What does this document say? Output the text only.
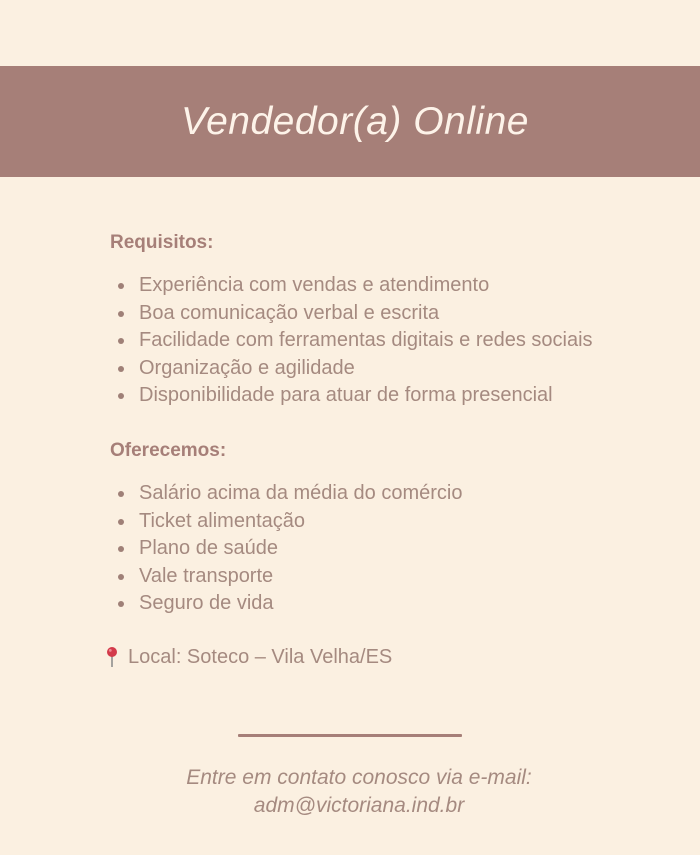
Vendedor(a) Online
Requisitos:
Experiência com vendas e atendimento
Boa comunicação verbal e escrita
Facilidade com ferramentas digitais e redes sociais
Organização e agilidade
Disponibilidade para atuar de forma presencial
Oferecemos:
Salário acima da média do comércio
Ticket alimentação
Plano de saúde
Vale transporte
Seguro de vida
Local: Soteco – Vila Velha/ES
Entre em contato conosco via e-mail:
adm@victoriana.ind.br
